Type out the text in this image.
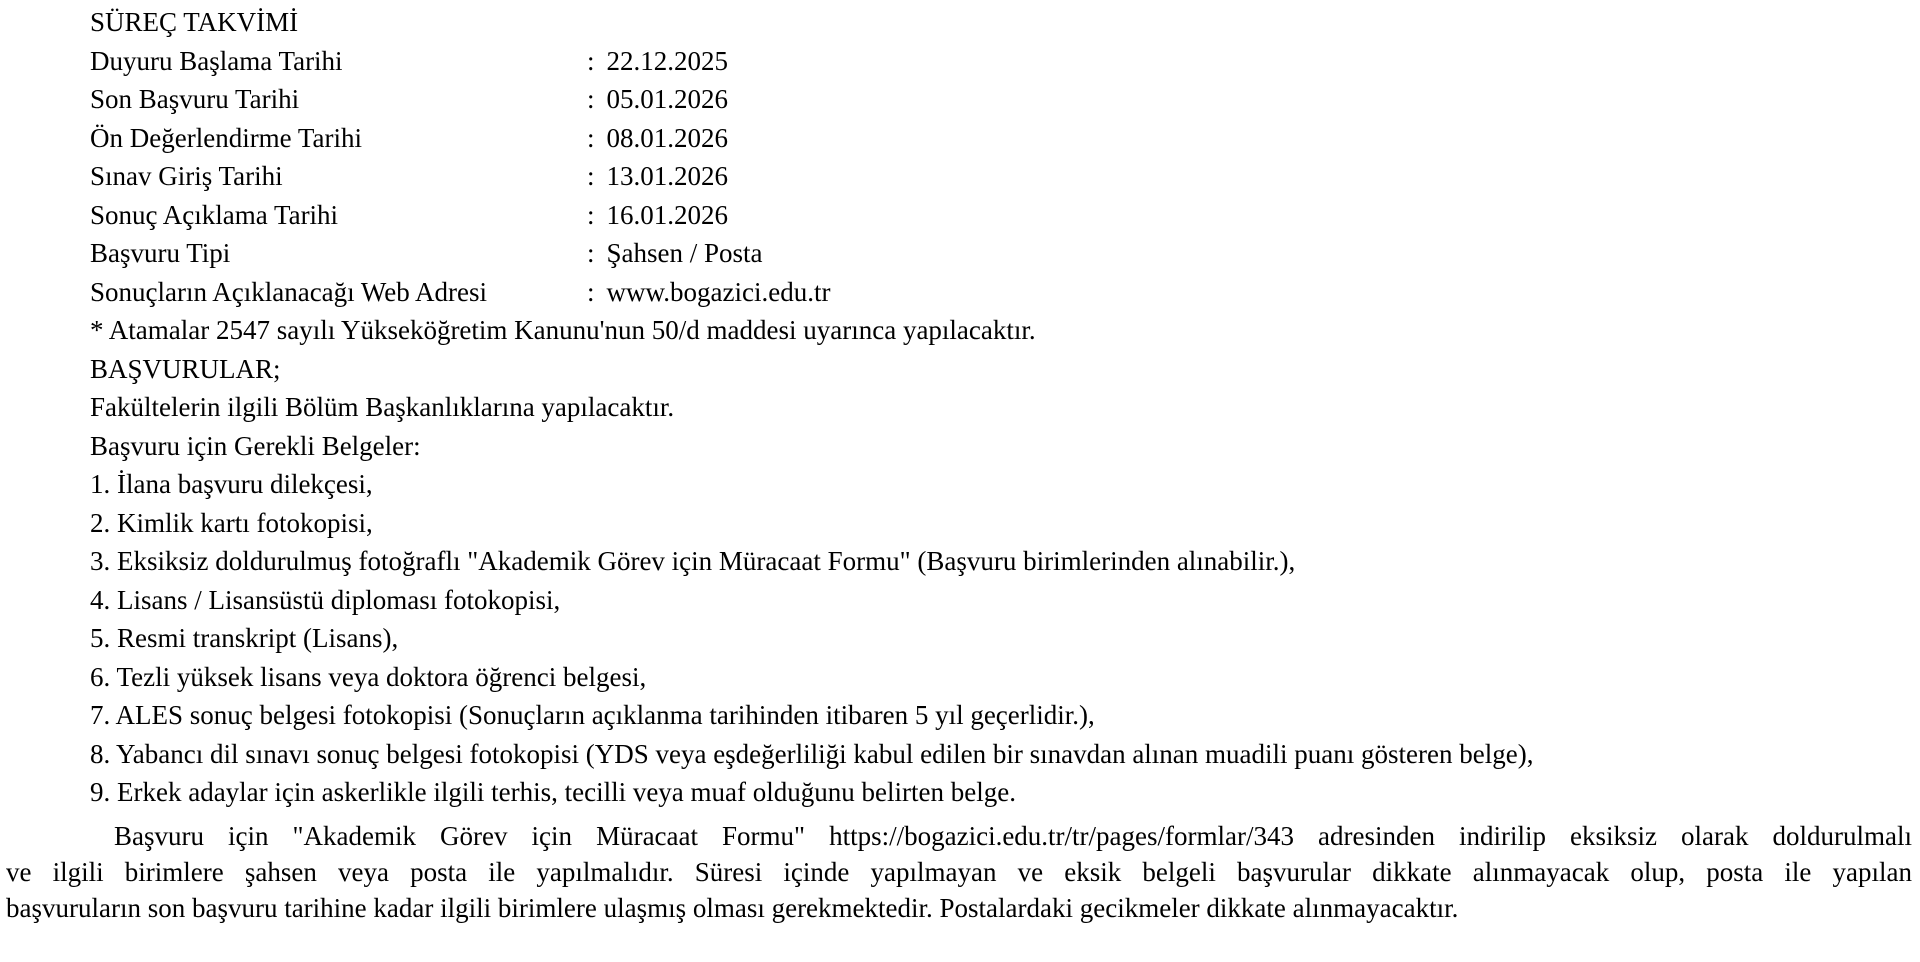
SÜREÇ TAKVİMİ
Duyuru Başlama Tarihi	: 22.12.2025
Son Başvuru Tarihi	: 05.01.2026
Ön Değerlendirme Tarihi	: 08.01.2026
Sınav Giriş Tarihi	: 13.01.2026
Sonuç Açıklama Tarihi	: 16.01.2026
Başvuru Tipi	: Şahsen / Posta
Sonuçların Açıklanacağı Web Adresi	: www.bogazici.edu.tr
* Atamalar 2547 sayılı Yükseköğretim Kanunu'nun 50/d maddesi uyarınca yapılacaktır.
BAŞVURULAR;
Fakültelerin ilgili Bölüm Başkanlıklarına yapılacaktır.
Başvuru için Gerekli Belgeler:
1. İlana başvuru dilekçesi,
2. Kimlik kartı fotokopisi,
3. Eksiksiz doldurulmuş fotoğraflı "Akademik Görev için Müracaat Formu" (Başvuru birimlerinden alınabilir.),
4. Lisans / Lisansüstü diploması fotokopisi,
5. Resmi transkript (Lisans),
6. Tezli yüksek lisans veya doktora öğrenci belgesi,
7. ALES sonuç belgesi fotokopisi (Sonuçların açıklanma tarihinden itibaren 5 yıl geçerlidir.),
8. Yabancı dil sınavı sonuç belgesi fotokopisi (YDS veya eşdeğerliliği kabul edilen bir sınavdan alınan muadili puanı gösteren belge),
9. Erkek adaylar için askerlikle ilgili terhis, tecilli veya muaf olduğunu belirten belge.
Başvuru için "Akademik Görev için Müracaat Formu" https://bogazici.edu.tr/tr/pages/formlar/343 adresinden indirilip eksiksiz olarak doldurulmalı
ve ilgili birimlere şahsen veya posta ile yapılmalıdır. Süresi içinde yapılmayan ve eksik belgeli başvurular dikkate alınmayacak olup, posta ile yapılan
başvuruların son başvuru tarihine kadar ilgili birimlere ulaşmış olması gerekmektedir. Postalardaki gecikmeler dikkate alınmayacaktır.
